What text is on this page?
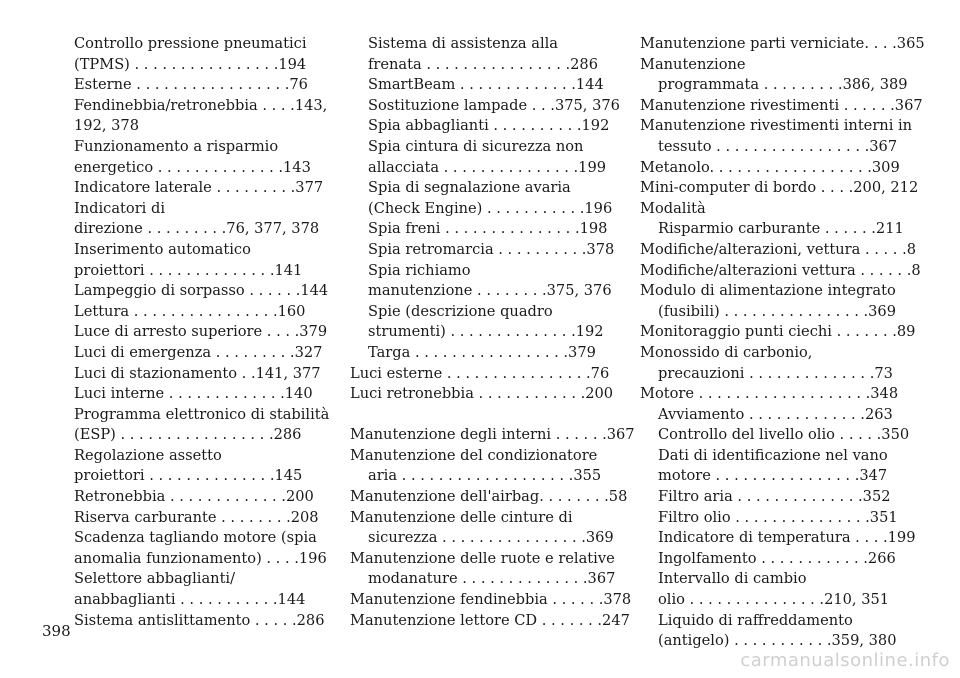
Controllo pressione pneumatici
(TPMS) . . . . . . . . . . . . . . . .194
Esterne . . . . . . . . . . . . . . . . .76
Fendinebbia/retronebbia . . . .143,
192, 378
Funzionamento a risparmio
energetico . . . . . . . . . . . . . .143
Indicatore laterale . . . . . . . . .377
Indicatori di
direzione . . . . . . . . .76, 377, 378
Inserimento automatico
proiettori . . . . . . . . . . . . . .141
Lampeggio di sorpasso . . . . . .144
Lettura . . . . . . . . . . . . . . . .160
Luce di arresto superiore . . . .379
Luci di emergenza . . . . . . . . .327
Luci di stazionamento . .141, 377
Luci interne . . . . . . . . . . . . .140
Programma elettronico di stabilità
(ESP) . . . . . . . . . . . . . . . . .286
Regolazione assetto
proiettori . . . . . . . . . . . . . .145
Retronebbia . . . . . . . . . . . . .200
Riserva carburante . . . . . . . .208
Scadenza tagliando motore (spia
anomalia funzionamento) . . . .196
Selettore abbaglianti/
anabbaglianti . . . . . . . . . . .144
Sistema antislittamento . . . . .286
Sistema di assistenza alla
frenata . . . . . . . . . . . . . . . .286
SmartBeam . . . . . . . . . . . . .144
Sostituzione lampade . . .375, 376
Spia abbaglianti . . . . . . . . . .192
Spia cintura di sicurezza non
allacciata . . . . . . . . . . . . . . .199
Spia di segnalazione avaria
(Check Engine) . . . . . . . . . . .196
Spia freni . . . . . . . . . . . . . . .198
Spia retromarcia . . . . . . . . . .378
Spia richiamo
manutenzione . . . . . . . .375, 376
Spie (descrizione quadro
strumenti) . . . . . . . . . . . . . .192
Targa . . . . . . . . . . . . . . . . .379
Luci esterne . . . . . . . . . . . . . . . .76
Luci retronebbia . . . . . . . . . . . .200
Manutenzione degli interni . . . . . .367
Manutenzione del condizionatore
aria . . . . . . . . . . . . . . . . . . .355
Manutenzione dell'airbag. . . . . . . .58
Manutenzione delle cinture di
sicurezza . . . . . . . . . . . . . . . .369
Manutenzione delle ruote e relative
modanature . . . . . . . . . . . . . .367
Manutenzione fendinebbia . . . . . .378
Manutenzione lettore CD . . . . . . .247
Manutenzione parti verniciate. . . .365
Manutenzione
programmata . . . . . . . . .386, 389
Manutenzione rivestimenti . . . . . .367
Manutenzione rivestimenti interni in
tessuto . . . . . . . . . . . . . . . . .367
Metanolo. . . . . . . . . . . . . . . . . .309
Mini-computer di bordo . . . .200, 212
Modalità
Risparmio carburante . . . . . .211
Modifiche/alterazioni, vettura . . . . .8
Modifiche/alterazioni vettura . . . . . .8
Modulo di alimentazione integrato
(fusibili) . . . . . . . . . . . . . . . .369
Monitoraggio punti ciechi . . . . . . .89
Monossido di carbonio,
precauzioni . . . . . . . . . . . . . .73
Motore . . . . . . . . . . . . . . . . . . .348
Avviamento . . . . . . . . . . . . .263
Controllo del livello olio . . . . .350
Dati di identificazione nel vano
motore . . . . . . . . . . . . . . . .347
Filtro aria . . . . . . . . . . . . . .352
Filtro olio . . . . . . . . . . . . . . .351
Indicatore di temperatura . . . .199
Ingolfamento . . . . . . . . . . . .266
Intervallo di cambio
olio . . . . . . . . . . . . . . .210, 351
Liquido di raffreddamento
(antigelo) . . . . . . . . . . .359, 380
398
carmanualsonline.info
